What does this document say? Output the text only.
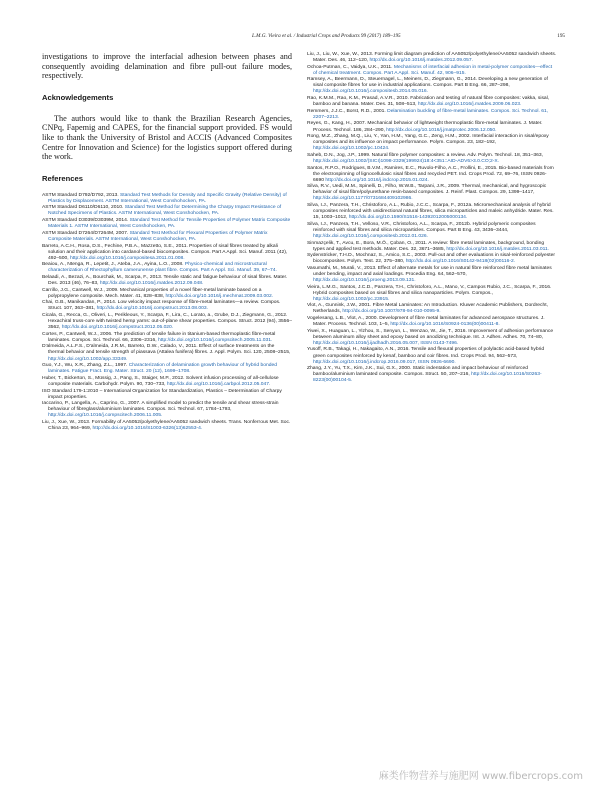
L.M.G. Vieira et al. / Industrial Crops and Products 99 (2017) 189–195	195

investigations to improve the interfacial adhesion between phases and consequently avoiding delamination and fibre pull-out failure modes, respectively.

Acknowledgements

The authors would like to thank the Brazilian Research Agencies, CNPq, Fapemig and CAPES, for the financial support provided. FS would like to thank the University of Bristol and ACCIS (Advanced Composites Centre for Innovation and Science) for the logistics support offered during the work.

References

ASTM Standard D792/D792, 2013. Standard Test Methods for Density and Specific Gravity (Relative Density) of Plastics by Displacement. ASTM International, West Conshohocken, PA.

ASTM Standard D6110/D6110, 2010. Standard Test Method for Determining the Charpy Impact Resistance of Notched Specimens of Plastics. ASTM International, West Conshohocken, PA.

ASTM Standard D3039/D3039M, 2014. Standard Test Method for Tensile Properties of Polymer Matrix Composite Materials 1. ASTM International, West Conshohocken, PA.

ASTM Standard D7264/D7264M, 2007. Standard Test Method for Flexural Properties of Polymer Matrix Composite Materials. ASTM International, West Conshohocken, PA.

Barreto, A.C.H., Rosa, D.S., Fechine, P.B.A., Mazzetto, S.E., 2011. Properties of sisal fibres treated by alkali solution and their application into cardanol-based biocomposites. Compos. Part A Appl. Sci. Manuf. 2011 (42), 492–500, http://dx.doi.org/10.1016/j.compositesa.2011.01.008.

Beaiou, A., Ntenga, R., Lepetit, J., Ateba, J.A., Ayina, L.O., 2008. Physico-chemical and microstructural characterization of Rhectophyllum camerunense plant fibre. Compos. Part A Appl. Sci. Manuf. 39, 67–74.

Belaadi, A., Bezazi, A., Bourchak, M., Scarpa, F., 2013. Tensile static and fatigue behaviour of sisal fibres. Mater. Des. 2013 (46), 76–83, http://dx.doi.org/10.1016/j.matdes.2012.09.048.

Carrillo, J.G., Cantwell, W.J., 2009. Mechanical properties of a novel fiber-metal laminate based on a polypropylene composite. Mech. Mater. 41, 828–838, http://dx.doi.org/10.1016/j.mechmat.2009.03.002.

Chai, G.B., Manikandan, P., 2014. Low velocity impact response of fibre-metal laminates—a review. Compos. Struct. 107, 363–381, http://dx.doi.org/10.1016/j.compstruct.2013.08.003.

Cicala, G., Recca, G., Oliveri, L., Perikleous, Y., Scarpa, F., Lira, C., Lorato, a., Grube, D.J., Ziegmann, G., 2012. Hexachiral truss-core with twisted hemp yarns: out-of-plane shear properties. Compos. Struct. 2012 (94), 3556–3562, http://dx.doi.org/10.1016/j.compstruct.2012.05.020.

Cortes, P., Cantwell, W.J., 2006. The prediction of tensile failure in titanium-based thermoplastic fibre-metal laminates. Compos. Sci. Technol. 66, 2306–2316, http://dx.doi.org/10.1016/j.compscitech.2005.11.031.

D'almeida, A.L.F.S., D'almeida, J.R.M., Barreto, D.W., Calado, V., 2011. Effect of surface treatments on the thermal behavior and tensile strength of piassava (Attalea funifera) fibres. J. Appl. Polym. Sci. 120, 2508–2515, http://dx.doi.org/10.1002/app.33349.

Guo, Y.J., Wu, X.R., Zhang, Z.L., 1997. Characterization of delamination growth behaviour of hybrid bonded laminates. Fatigue Fract. Eng. Mater. Struct. 20 (12), 1699–1708.

Huber, T., Bickerton, S., Müssig, J., Pang, S., Staiger, M.P., 2012. Solvent infusion processing of all-cellulose composite materials. Carbohydr. Polym. 90, 730–733, http://dx.doi.org/10.1016/j.carbpol.2012.05.047.

ISO Standard 179-1:2010 – International Organization for Standardization, Plastics – Determination of Charpy impact properties.

Iaccarino, P., Langella, A., Caprino, G., 2007. A simplified model to predict the tensile and shear stress-strain behaviour of fibreglass/aluminium laminates. Compos. Sci. Technol. 67, 1784–1793, http://dx.doi.org/10.1016/j.compscitech.2006.11.005.

Liu, J., Xue, W., 2013. Formability of AA5052/polyethylene/AA5052 sandwich sheets. Trans. Nonferrous Met. Soc. China 23, 964–969, http://dx.doi.org/10.1016/S1003-6326(13)62553-4.

Liu, J., Liu, W., Xue, W., 2013. Forming limit diagram prediction of AA5052/polyethylene/AA5052 sandwich sheets. Mater. Des. 46, 112–120, http://dx.doi.org/10.1016/j.matdes.2012.09.057.

Ochoa-Putman, C., Vaidya, U.K., 2011. Mechanisms of interfacial adhesion in metal-polymer composites—effect of chemical treatment. Compos. Part A Appl. Sci. Manuf. 42, 906–915.

Ramsey, A., Beermann, D., Steuernagel, L., Meiners, D., Ziegmann, G., 2014. Developing a new generation of sisal composite fibres for use in industrial applications. Compos. Part B Eng. 66, 287–298, http://dx.doi.org/10.1016/j.compositesb.2014.05.016.

Rao, K.M.M., Rao, K.M., Prasad, A.V.R., 2010. Fabrication and testing of natural fibre composites: vakka, sisal, bamboo and banana. Mater. Des. 31, 508–513, http://dx.doi.org/10.1016/j.matdes.2009.06.023.

Remmers, J.J.C., Borst, R.D., 2001. Delamination buckling of fibre-metal laminates. Compos. Sci. Technol. 61, 2207–2213.

Reyes, G., Kang, H., 2007. Mechanical behavior of lightweight thermoplastic fibre-metal laminates. J. Mater. Process. Technol. 186, 284–290, http://dx.doi.org/10.1016/j.jmatprotec.2006.12.050.

Rong, M.Z., Zhang, M.Q., Liu, Y., Yan, H.M., Yang, G.C., Zeng, H.M., 2002. Interfacial interaction in sisal/epoxy composites and its influence on impact performance. Polym. Compos. 23, 182–192, http://dx.doi.org/10.1002/pc.10424.

Saheb, D.N., Jog, J.P., 1999. Natural fibre polymer composites: a review. Adv. Polym. Technol. 18, 351–363, http://dx.doi.org/10.1002/(SICI)1098-2329(199924)18:4<351::AID-ADV6>3.0.CO;2-X.

Santos, R.P.O., Rodrigues, B.V.M., Ramires, E.C., Ruvolo-Filho, A.C., Frollini, E., 2015. Bio-based materials from the electrospinning of lignocellulosic sisal fibres and recycled PET. Ind. Crops Prod. 72, 69–76, ISSN 0926-6690 http://dx.doi.org/10.1016/j.indcrop.2015.01.024.

Silva, R.V., Uedi, M.M., Spinelli, D., Filho, W.W.B., Tarpani, J.R., 2009. Thermal, mechanical, and hygroscopic behavior of sisal fibre/polyurethane resin-based composites. J. Reinf. Plast. Compos. 29, 1399–1417, http://dx.doi.org/10.1177/0731684409102986.

Silva, I.J., Panzera, T.H., Christoforo, A.L., Rubio, J.C.C., Scarpa, F., 2012a. Micromechanical analysis of hybrid composites reinforced with unidirectional natural fibres, silica microparticles and maleic anhydride. Mater. Res. 15, 1003–1012, http://dx.doi.org/10.1590/S1516-14392012005000134.

Silva, I.J., Panzera, T.H., Velloso, V.R., Christoforo, A.L., Scarpa, F., 2012b. Hybrid polymeric composites reinforced with sisal fibres and silica microparticles. Compos. Part B Eng. 43, 3436–3444, http://dx.doi.org/10.1016/j.compositesb.2012.01.026.

Sinmazçelik, T., Avcu, E., Bora, M.Ö., Çoban, O., 2011. A review: fibre metal laminates, background, bonding types and applied test methods. Mater. Des. 32, 3671–3685, http://dx.doi.org/10.1016/j.matdes.2011.03.011.

Sydenstricker, T.H.D., Mochnaz, S., Amico, S.C., 2003. Pull-out and other evaluations in sisal-reinforced polyester biocomposites. Polym. Test. 22, 375–380, http://dx.doi.org/10.1016/S0142-9418(02)00116-2.

Vasumathi, M., Murali, V., 2013. Effect of alternate metals for use in natural fibre reinforced fibre metal laminates under bending, impact and axial loadings. Procedia Eng. 64, 562–570, http://dx.doi.org/10.1016/j.proeng.2013.09.131.

Vieira, L.M.G., Santos, J.C.D., Panzera, T.H., Christoforo, A.L., Mano, V., Campos Rubio, J.C., Scarpa, F., 2016. Hybrid composites based on sisal fibres and silica nanoparticles. Polym. Compos., http://dx.doi.org/10.1002/pc.23915.

Vlot, A., Gunnink, J.W., 2001. Fibre Metal Laminates: An Introduction. Kluwer Academic Publishers, Dordrecht, Netherlands, http://dx.doi.org/10.1007/978-94-010-0095-9.

Vogelesang, L.B., Vlot, A., 2000. Development of fibre metal laminates for advanced aerospace structures. J. Mater. Process. Technol. 103, 1–5, http://dx.doi.org/10.1016/S0924-0136(00)00411-8.

Yiwei, X., Huaguan, L., Yizhou, S., Senyun, L., Wenzao, W., Jie, T., 2016. Improvement of adhesion performance between aluminum alloy sheet and epoxy based on anodizing technique. Int. J. Adhes. Adhes. 70, 74–80, http://dx.doi.org/10.1016/j.ijadhadh.2016.05.007, ISSN 0143-7496.

Yusoff, R.B., Takagi, H., Nakagaito, A.N., 2016. Tensile and flexural properties of polylactic acid-based hybrid green composites reinforced by kenaf, bamboo and coir fibres. Ind. Crops Prod. 94, 562–573, http://dx.doi.org/10.1016/j.indcrop.2016.09.017, ISSN 0926-6690.

Zhang, J.Y., Yu, T.X., Kim, J.K., Sui, G.X., 2000. Static indentation and impact behaviour of reinforced bamboo/aluminium laminated composite. Compos. Struct. 50, 207–216, http://dx.doi.org/10.1016/S0263-8223(00)00104-5.

麻类作物营养与施肥网 www.fibercrops.com
